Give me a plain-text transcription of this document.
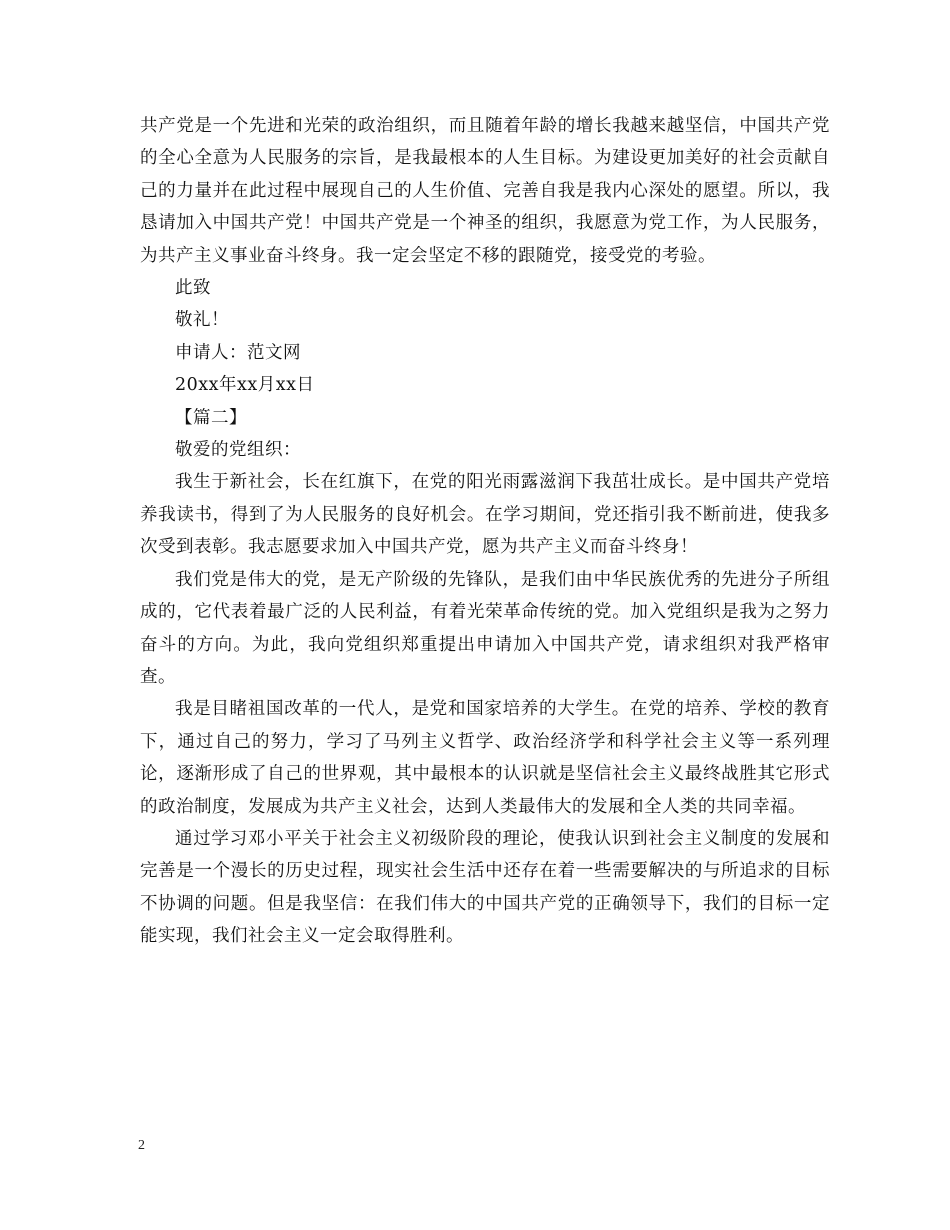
共产党是一个先进和光荣的政治组织，而且随着年龄的增长我越来越坚信，中国共产党的全心全意为人民服务的宗旨，是我最根本的人生目标。为建设更加美好的社会贡献自己的力量并在此过程中展现自己的人生价值、完善自我是我内心深处的愿望。所以，我恳请加入中国共产党！中国共产党是一个神圣的组织，我愿意为党工作，为人民服务，为共产主义事业奋斗终身。我一定会坚定不移的跟随党，接受党的考验。

此致

敬礼！

申请人：范文网

20xx年xx月xx日

【篇二】

敬爱的党组织：

我生于新社会，长在红旗下，在党的阳光雨露滋润下我茁壮成长。是中国共产党培养我读书，得到了为人民服务的良好机会。在学习期间，党还指引我不断前进，使我多次受到表彰。我志愿要求加入中国共产党，愿为共产主义而奋斗终身！

我们党是伟大的党，是无产阶级的先锋队，是我们由中华民族优秀的先进分子所组成的，它代表着最广泛的人民利益，有着光荣革命传统的党。加入党组织是我为之努力奋斗的方向。为此，我向党组织郑重提出申请加入中国共产党，请求组织对我严格审查。

我是目睹祖国改革的一代人，是党和国家培养的大学生。在党的培养、学校的教育下，通过自己的努力，学习了马列主义哲学、政治经济学和科学社会主义等一系列理论，逐渐形成了自己的世界观，其中最根本的认识就是坚信社会主义最终战胜其它形式的政治制度，发展成为共产主义社会，达到人类最伟大的发展和全人类的共同幸福。

通过学习邓小平关于社会主义初级阶段的理论，使我认识到社会主义制度的发展和完善是一个漫长的历史过程，现实社会生活中还存在着一些需要解决的与所追求的目标不协调的问题。但是我坚信：在我们伟大的中国共产党的正确领导下，我们的目标一定能实现，我们社会主义一定会取得胜利。

2
